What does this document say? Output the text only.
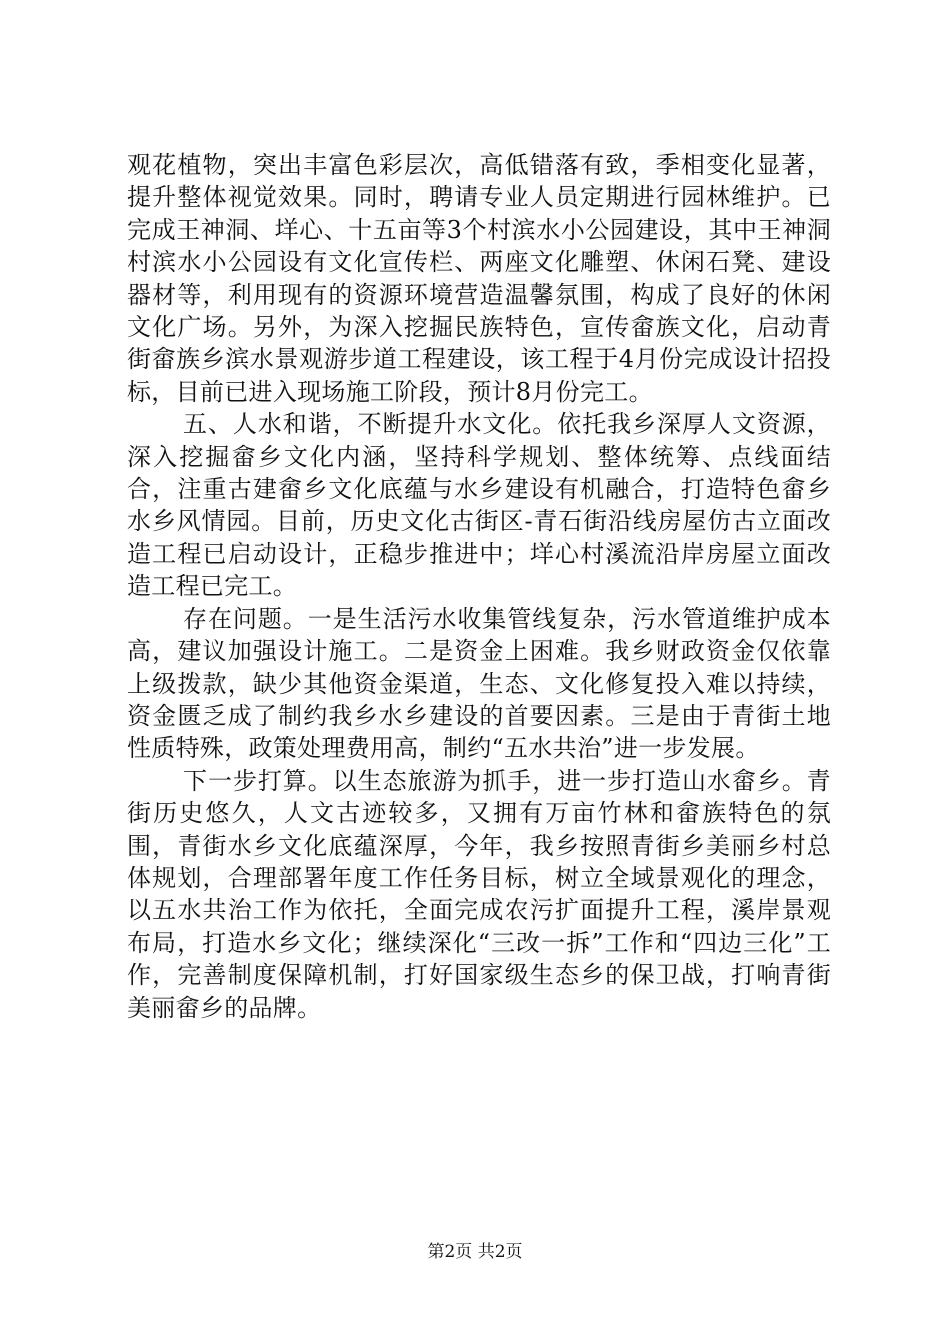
观花植物，突出丰富色彩层次，高低错落有致，季相变化显著，提升整体视觉效果。同时，聘请专业人员定期进行园林维护。已完成王神洞、垟心、十五亩等3个村滨水小公园建设，其中王神洞村滨水小公园设有文化宣传栏、两座文化雕塑、休闲石凳、建设器材等，利用现有的资源环境营造温馨氛围，构成了良好的休闲文化广场。另外，为深入挖掘民族特色，宣传畲族文化，启动青街畲族乡滨水景观游步道工程建设，该工程于4月份完成设计招投标，目前已进入现场施工阶段，预计8月份完工。

五、人水和谐，不断提升水文化。依托我乡深厚人文资源，深入挖掘畲乡文化内涵，坚持科学规划、整体统筹、点线面结合，注重古建畲乡文化底蕴与水乡建设有机融合，打造特色畲乡水乡风情园。目前，历史文化古街区-青石街沿线房屋仿古立面改造工程已启动设计，正稳步推进中；垟心村溪流沿岸房屋立面改造工程已完工。

存在问题。一是生活污水收集管线复杂，污水管道维护成本高，建议加强设计施工。二是资金上困难。我乡财政资金仅依靠上级拨款，缺少其他资金渠道，生态、文化修复投入难以持续，资金匮乏成了制约我乡水乡建设的首要因素。三是由于青街土地性质特殊，政策处理费用高，制约“五水共治”进一步发展。

下一步打算。以生态旅游为抓手，进一步打造山水畲乡。青街历史悠久，人文古迹较多，又拥有万亩竹林和畲族特色的氛围，青街水乡文化底蕴深厚，今年，我乡按照青街乡美丽乡村总体规划，合理部署年度工作任务目标，树立全域景观化的理念，以五水共治工作为依托，全面完成农污扩面提升工程，溪岸景观布局，打造水乡文化；继续深化“三改一拆”工作和“四边三化”工作，完善制度保障机制，打好国家级生态乡的保卫战，打响青街美丽畲乡的品牌。

第2页 共2页
